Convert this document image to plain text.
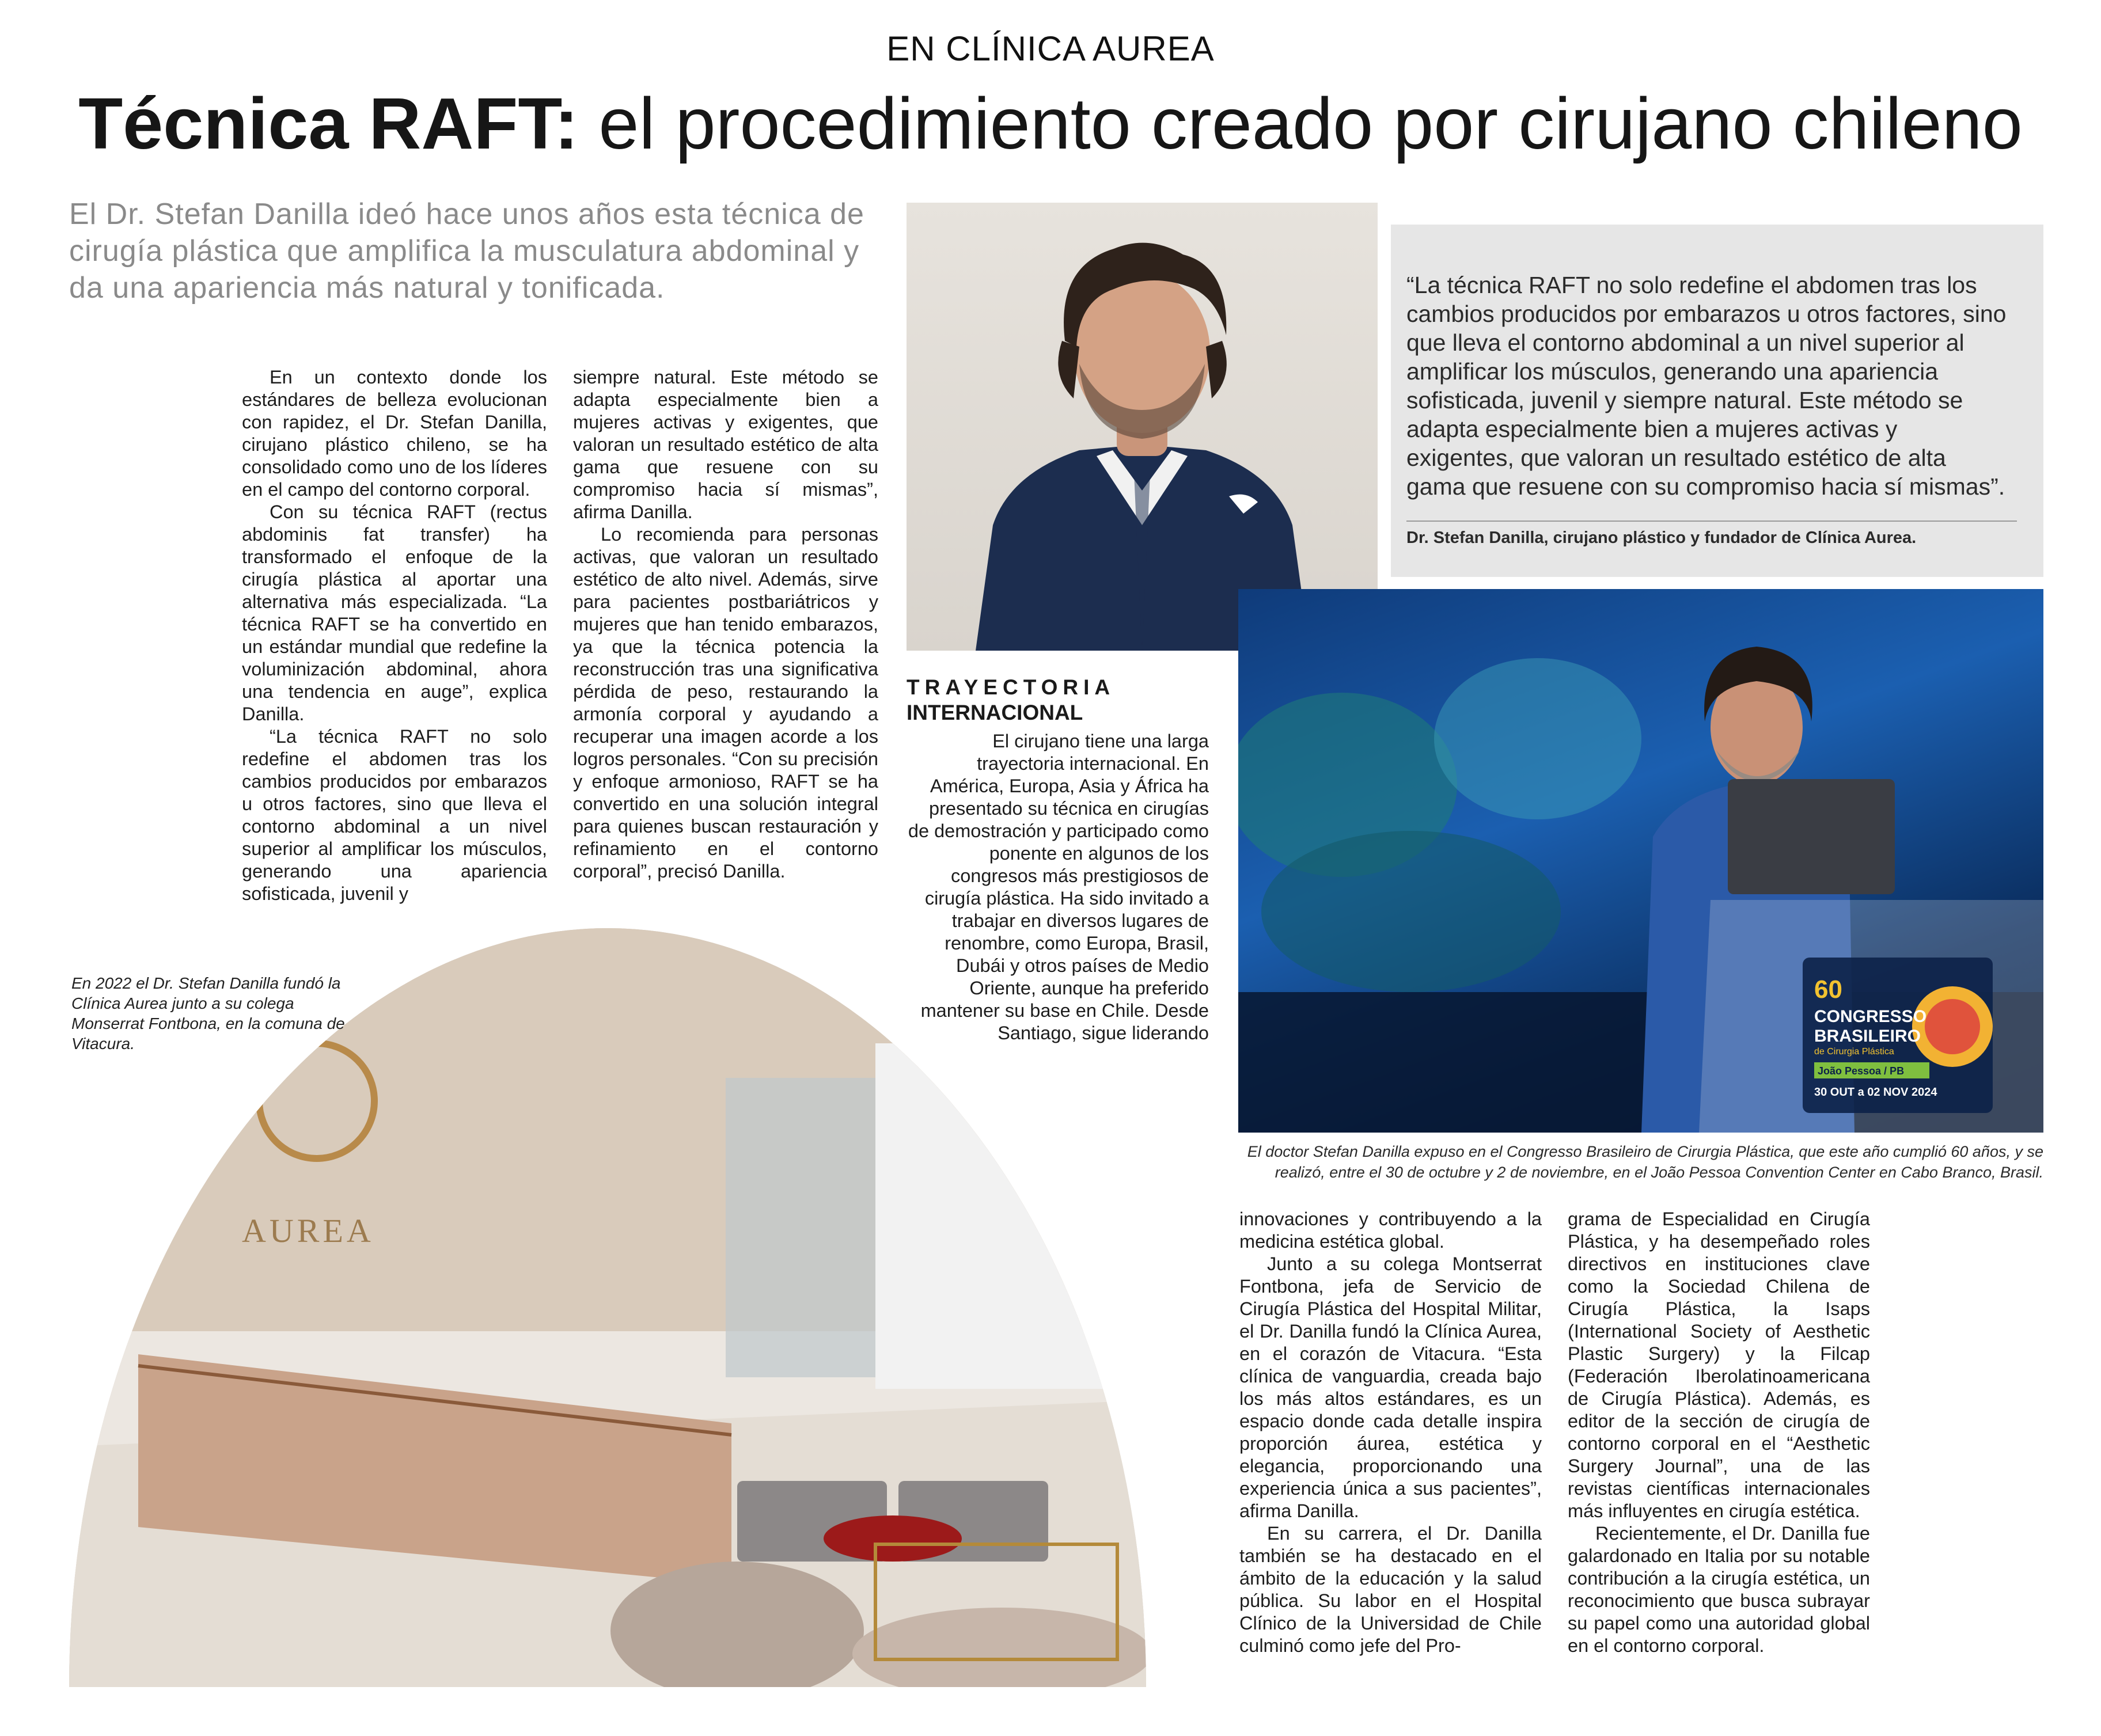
EN CLÍNICA AUREA
Técnica RAFT: el procedimiento creado por cirujano chileno
El Dr. Stefan Danilla ideó hace unos años esta técnica de cirugía plástica que amplifica la musculatura abdominal y da una apariencia más natural y tonificada.

En un contexto donde los estándares de belleza evolucionan con rapidez, el Dr. Stefan Danilla, cirujano plástico chileno, se ha consolidado como uno de los líderes en el campo del contorno corporal.

Con su técnica RAFT (rectus abdominis fat transfer) ha transformado el enfoque de la cirugía plástica al aportar una alternativa más especializada. “La técnica RAFT se ha convertido en un estándar mundial que redefine la voluminización abdominal, ahora una tendencia en auge”, explica Danilla.

“La técnica RAFT no solo redefine el abdomen tras los cambios producidos por embarazos u otros factores, sino que lleva el contorno abdominal a un nivel superior al amplificar los músculos, generando una apariencia sofisticada, juvenil y

siempre natural. Este método se adapta especialmente bien a mujeres activas y exigentes, que valoran un resultado estético de alta gama que resuene con su compromiso hacia sí mismas”, afirma Danilla.

Lo recomienda para personas activas, que valoran un resultado estético de alto nivel. Además, sirve para pacientes postbariátricos y mujeres que han tenido embarazos, ya que la técnica potencia la reconstrucción tras una significativa pérdida de peso, restaurando la armonía corporal y ayudando a recuperar una imagen acorde a los logros personales. “Con su precisión y enfoque armonioso, RAFT se ha convertido en una solución integral para quienes buscan restauración y refinamiento en el contorno corporal”, precisó Danilla.

TRAYECTORIA
INTERNACIONAL

El cirujano tiene una larga trayectoria internacional. En América, Europa, Asia y África ha presentado su técnica en cirugías de demostración y participado como ponente en algunos de los congresos más prestigiosos de cirugía plástica. Ha sido invitado a trabajar en diversos lugares de renombre, como Europa, Brasil, Dubái y otros países de Medio Oriente, aunque ha preferido mantener su base en Chile. Desde Santiago, sigue liderando

“La técnica RAFT no solo redefine el abdomen tras los cambios producidos por embarazos u otros factores, sino que lleva el contorno abdominal a un nivel superior al amplificar los músculos, generando una apariencia sofisticada, juvenil y siempre natural. Este método se adapta especialmente bien a mujeres activas y exigentes, que valoran un resultado estético de alta gama que resuene con su compromiso hacia sí mismas”.
Dr. Stefan Danilla, cirujano plástico y fundador de Clínica Aurea.
60
CONGRESSO
BRASILEIRO
de Cirurgia Plástica
João Pessoa / PB
30 OUT a 02 NOV 2024
El doctor Stefan Danilla expuso en el Congresso Brasileiro de Cirurgia Plástica, que este año cumplió 60 años, y se realizó, entre el 30 de octubre y 2 de noviembre, en el João Pessoa Convention Center en Cabo Branco, Brasil.
AUREA
En 2022 el Dr. Stefan Danilla fundó la Clínica Aurea junto a su colega Monserrat Fontbona, en la comuna de Vitacura.

innovaciones y contribuyendo a la medicina estética global.

Junto a su colega Montserrat Fontbona, jefa de Servicio de Cirugía Plástica del Hospital Militar, el Dr. Danilla fundó la Clínica Aurea, en el corazón de Vitacura. “Esta clínica de vanguardia, creada bajo los más altos estándares, es un espacio donde cada detalle inspira proporción áurea, estética y elegancia, proporcionando una experiencia única a sus pacientes”, afirma Danilla.

En su carrera, el Dr. Danilla también se ha destacado en el ámbito de la educación y la salud pública. Su labor en el Hospital Clínico de la Universidad de Chile culminó como jefe del Pro-

grama de Especialidad en Cirugía Plástica, y ha desempeñado roles directivos en instituciones clave como la Sociedad Chilena de Cirugía Plástica, la Isaps (International Society of Aesthetic Plastic Surgery) y la Filcap (Federación Iberolatinoamericana de Cirugía Plástica). Además, es editor de la sección de cirugía de contorno corporal en el “Aesthetic Surgery Journal”, una de las revistas científicas internacionales más influyentes en cirugía estética.

Recientemente, el Dr. Danilla fue galardonado en Italia por su notable contribución a la cirugía estética, un reconocimiento que busca subrayar su papel como una autoridad global en el contorno corporal.
